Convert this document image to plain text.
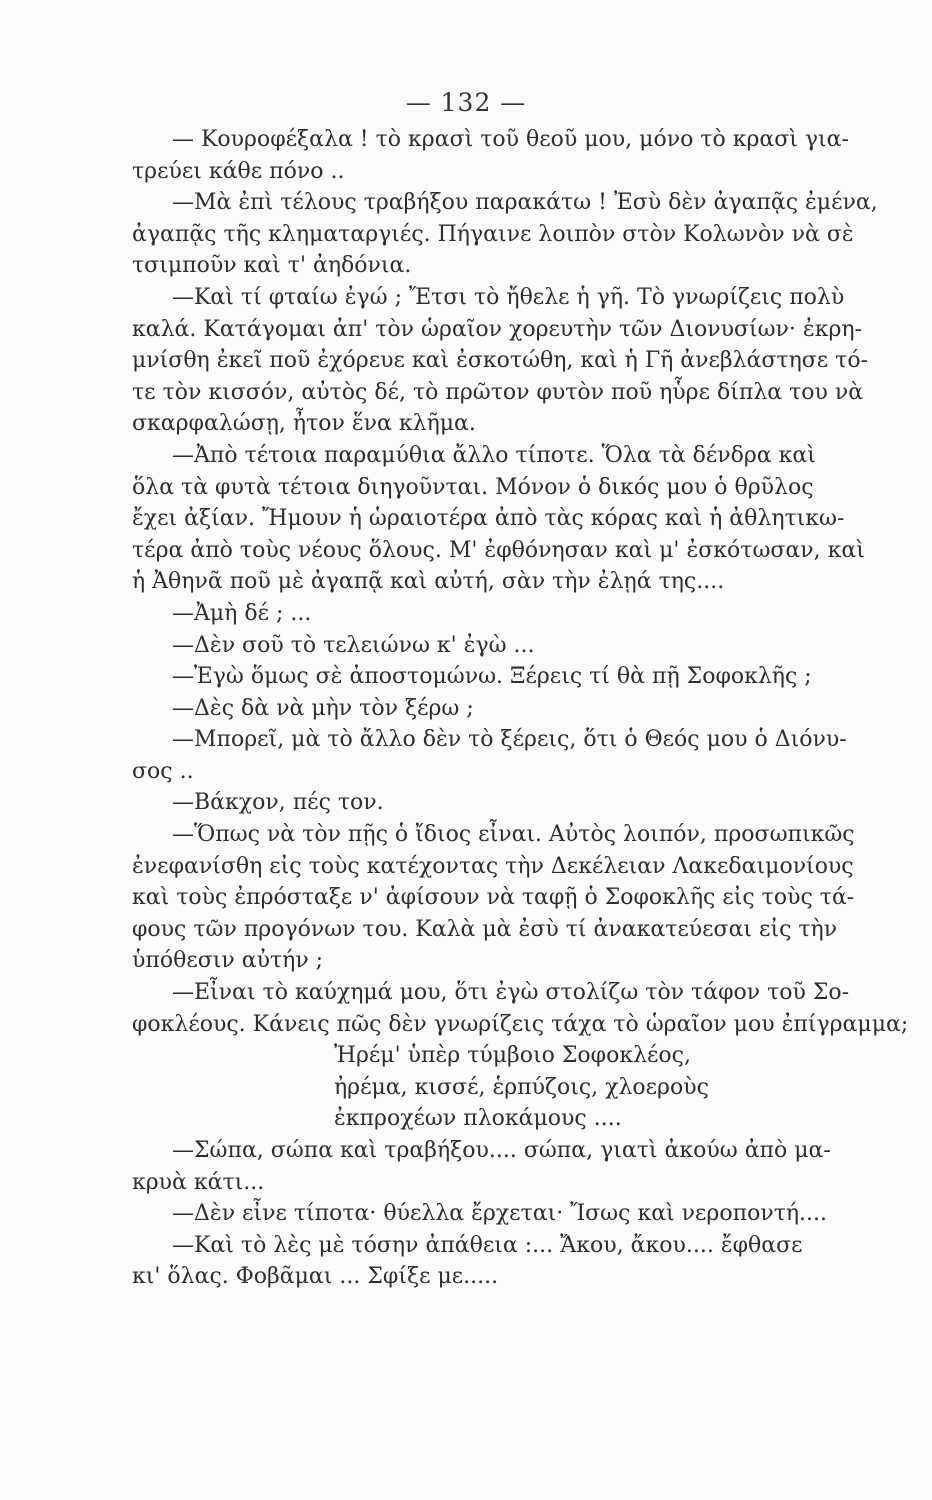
— 132 —
— Κουροφέξαλα ! τὸ κρασὶ τοῦ θεοῦ μου, μόνο τὸ κρασὶ για-
τρεύει κάθε πόνο ..
—Μὰ ἐπὶ τέλους τραβήξου παρακάτω ! Ἐσὺ δὲν ἀγαπᾷς ἐμένα,
ἀγαπᾷς τῆς κληματαργιές. Πήγαινε λοιπὸν στὸν Κολωνὸν νὰ σὲ
τσιμποῦν καὶ τ' ἀηδόνια.
—Καὶ τί φταίω ἐγώ ; Ἔτσι τὸ ἤθελε ἡ γῆ. Τὸ γνωρίζεις πολὺ
καλά. Κατάγομαι ἀπ' τὸν ὡραῖον χορευτὴν τῶν Διονυσίων· ἐκρη-
μνίσθη ἐκεῖ ποῦ ἐχόρευε καὶ ἐσκοτώθη, καὶ ἡ Γῆ ἀνεβλάστησε τό-
τε τὸν κισσόν, αὐτὸς δέ, τὸ πρῶτον φυτὸν ποῦ ηὗρε δίπλα του νὰ
σκαρφαλώσῃ, ἦτον ἕνα κλῆμα.
—Ἀπὸ τέτοια παραμύθια ἄλλο τίποτε. Ὅλα τὰ δένδρα καὶ
ὅλα τὰ φυτὰ τέτοια διηγοῦνται. Μόνον ὁ δικός μου ὁ θρῦλος
ἔχει ἀξίαν. Ἤμουν ἡ ὡραιοτέρα ἀπὸ τὰς κόρας καὶ ἡ ἀθλητικω-
τέρα ἀπὸ τοὺς νέους ὅλους. Μ' ἐφθόνησαν καὶ μ' ἐσκότωσαν, καὶ
ἡ Ἀθηνᾶ ποῦ μὲ ἀγαπᾷ καὶ αὐτή, σὰν τὴν ἐλῃά της....
—Ἀμὴ δέ ; ...
—Δὲν σοῦ τὸ τελειώνω κ' ἐγὼ ...
—Ἐγὼ ὅμως σὲ ἀποστομώνω. Ξέρεις τί θὰ πῇ Σοφοκλῆς ;
—Δὲς δὰ νὰ μὴν τὸν ξέρω ;
—Μπορεῖ, μὰ τὸ ἄλλο δὲν τὸ ξέρεις, ὅτι ὁ Θεός μου ὁ Διόνυ-
σος ..
—Βάκχον, πές τον.
—Ὅπως νὰ τὸν πῇς ὁ ἴδιος εἶναι. Αὐτὸς λοιπόν, προσωπικῶς
ἐνεφανίσθη εἰς τοὺς κατέχοντας τὴν Δεκέλειαν Λακεδαιμονίους
καὶ τοὺς ἐπρόσταξε ν' ἀφίσουν νὰ ταφῇ ὁ Σοφοκλῆς εἰς τοὺς τά-
φους τῶν προγόνων του. Καλὰ μὰ ἐσὺ τί ἀνακατεύεσαι εἰς τὴν
ὑπόθεσιν αὐτήν ;
—Εἶναι τὸ καύχημά μου, ὅτι ἐγὼ στολίζω τὸν τάφον τοῦ Σο-
φοκλέους. Κάνεις πῶς δὲν γνωρίζεις τάχα τὸ ὡραῖον μου ἐπίγραμμα;
Ἠρέμ' ὑπὲρ τύμβοιο Σοφοκλέος,
ἠρέμα, κισσέ, ἑρπύζοις, χλοεροὺς
ἐκπροχέων πλοκάμους ....
—Σώπα, σώπα καὶ τραβήξου.... σώπα, γιατὶ ἀκούω ἀπὸ μα-
κρυὰ κάτι...
—Δὲν εἶνε τίποτα· θύελλα ἔρχεται· Ἴσως καὶ νεροποντή....
—Καὶ τὸ λὲς μὲ τόσην ἀπάθεια :... Ἄκου, ἄκου.... ἔφθασε
κι' ὅλας. Φοβᾶμαι ... Σφίξε με.....
